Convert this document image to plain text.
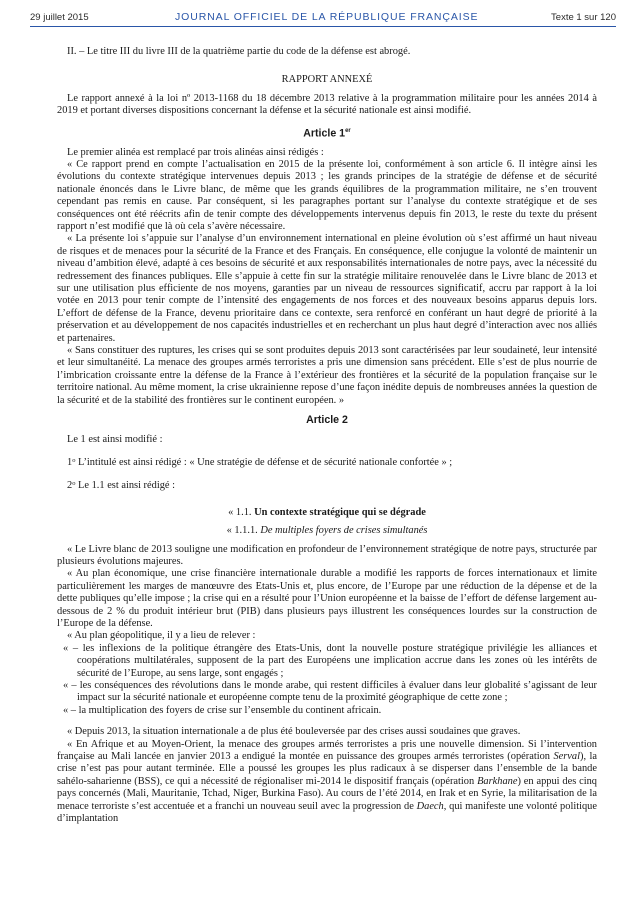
29 juillet 2015	JOURNAL OFFICIEL DE LA RÉPUBLIQUE FRANÇAISE	Texte 1 sur 120

II. – Le titre III du livre III de la quatrième partie du code de la défense est abrogé.

RAPPORT ANNEXÉ

Le rapport annexé à la loi nº 2013-1168 du 18 décembre 2013 relative à la programmation militaire pour les années 2014 à 2019 et portant diverses dispositions concernant la défense et la sécurité nationale est ainsi modifié.

Article 1er

Le premier alinéa est remplacé par trois alinéas ainsi rédigés :

« Ce rapport prend en compte l’actualisation en 2015 de la présente loi, conformément à son article 6. Il intègre ainsi les évolutions du contexte stratégique intervenues depuis 2013 ; les grands principes de la stratégie de défense et de sécurité nationale énoncés dans le Livre blanc, de même que les grands équilibres de la programmation militaire, ne s’en trouvent cependant pas remis en cause. Par conséquent, si les paragraphes portant sur l’analyse du contexte stratégique et de ses conséquences ont été réécrits afin de tenir compte des développements intervenus depuis fin 2013, le reste du texte du présent rapport n’est modifié que là où cela s’avère nécessaire.

« La présente loi s’appuie sur l’analyse d’un environnement international en pleine évolution où s’est affirmé un haut niveau de risques et de menaces pour la sécurité de la France et des Français. En conséquence, elle conjugue la volonté de maintenir un niveau d’ambition élevé, adapté à ces besoins de sécurité et aux responsabilités internationales de notre pays, avec la nécessité du redressement des finances publiques. Elle s’appuie à cette fin sur la stratégie militaire renouvelée dans le Livre blanc de 2013 et sur une utilisation plus efficiente de nos moyens, garanties par un niveau de ressources significatif, accru par rapport à la loi votée en 2013 pour tenir compte de l’intensité des engagements de nos forces et des nouveaux besoins apparus depuis lors. L’effort de défense de la France, devenu prioritaire dans ce contexte, sera renforcé en conférant un haut degré de priorité à la préservation et au développement de nos capacités industrielles et en recherchant un plus haut degré d’interaction avec nos alliés et partenaires.

« Sans constituer des ruptures, les crises qui se sont produites depuis 2013 sont caractérisées par leur soudaineté, leur intensité et leur simultanéité. La menace des groupes armés terroristes a pris une dimension sans précédent. Elle s’est de plus nourrie de l’imbrication croissante entre la défense de la France à l’extérieur des frontières et la sécurité de la population française sur le territoire national. Au même moment, la crise ukrainienne repose d’une façon inédite depuis de nombreuses années la question de la sécurité et de la stabilité des frontières sur le continent européen. »

Article 2

Le 1 est ainsi modifié :

1$^o$ L’intitulé est ainsi rédigé : « Une stratégie de défense et de sécurité nationale confortée » ;

2$^o$ Le 1.1 est ainsi rédigé :

« 1.1. Un contexte stratégique qui se dégrade

« 1.1.1. De multiples foyers de crises simultanés

« Le Livre blanc de 2013 souligne une modification en profondeur de l’environnement stratégique de notre pays, structurée par plusieurs évolutions majeures.

« Au plan économique, une crise financière internationale durable a modifié les rapports de forces internationaux et limite particulièrement les marges de manœuvre des Etats-Unis et, plus encore, de l’Europe par une réduction de la dépense et de la dette publiques qu’elle impose ; la crise qui en a résulté pour l’Union européenne et la baisse de l’effort de défense largement au-dessous de 2 % du produit intérieur brut (PIB) dans plusieurs pays illustrent les conséquences lourdes sur la construction de l’Europe de la défense.

« Au plan géopolitique, il y a lieu de relever :

« – les inflexions de la politique étrangère des Etats-Unis, dont la nouvelle posture stratégique privilégie les alliances et coopérations multilatérales, supposent de la part des Européens une implication accrue dans les zones où les intérêts de sécurité de l’Europe, au sens large, sont engagés ;

« – les conséquences des révolutions dans le monde arabe, qui restent difficiles à évaluer dans leur globalité s’agissant de leur impact sur la sécurité nationale et européenne compte tenu de la proximité géographique de cette zone ;

« – la multiplication des foyers de crise sur l’ensemble du continent africain.

« Depuis 2013, la situation internationale a de plus été bouleversée par des crises aussi soudaines que graves.

« En Afrique et au Moyen-Orient, la menace des groupes armés terroristes a pris une nouvelle dimension. Si l’intervention française au Mali lancée en janvier 2013 a endigué la montée en puissance des groupes armés terroristes (opération Serval), la crise n’est pas pour autant terminée. Elle a poussé les groupes les plus radicaux à se disperser dans l’ensemble de la bande sahélo-saharienne (BSS), ce qui a nécessité de régionaliser mi-2014 le dispositif français (opération Barkhane) en appui des cinq pays concernés (Mali, Mauritanie, Tchad, Niger, Burkina Faso). Au cours de l’été 2014, en Irak et en Syrie, la militarisation de la menace terroriste s’est accentuée et a franchi un nouveau seuil avec la progression de Daech, qui manifeste une volonté politique d’implantation
